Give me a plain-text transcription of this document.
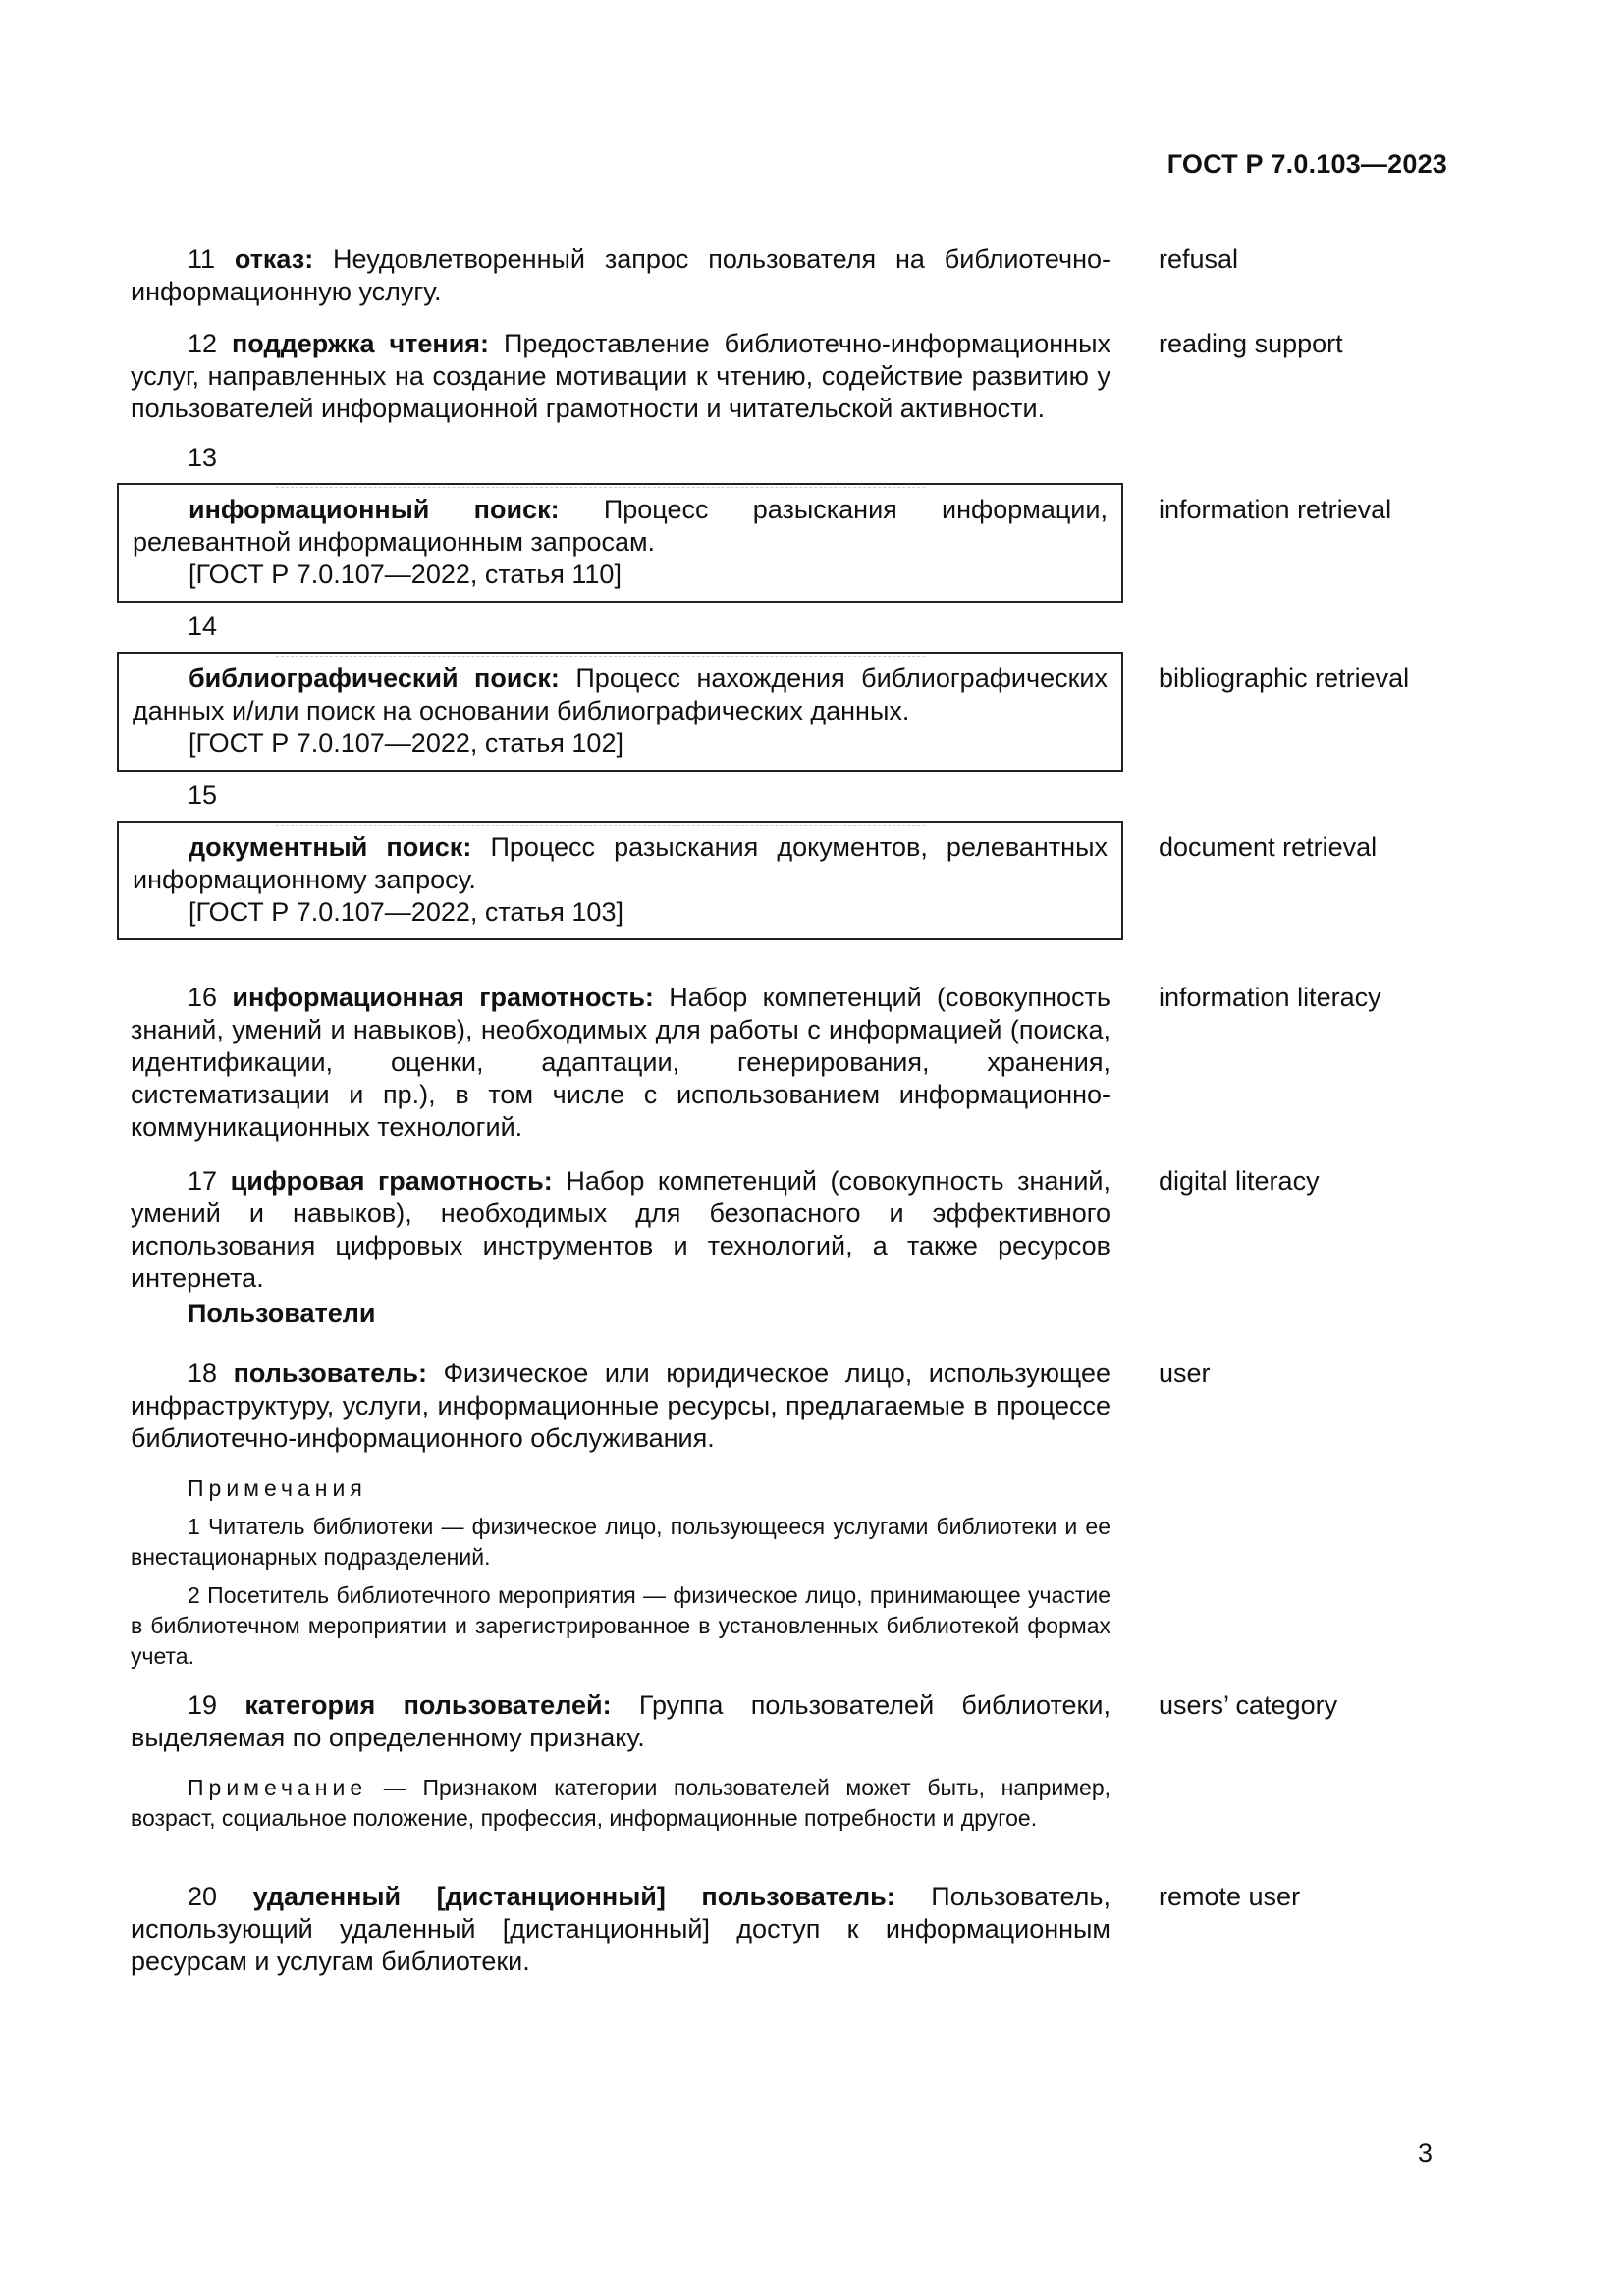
ГОСТ Р 7.0.103—2023
11 отказ: Неудовлетворенный запрос пользователя на библиотечно-информационную услугу.
refusal
12 поддержка чтения: Предоставление библиотечно-информационных услуг, направленных на создание мотивации к чтению, содействие развитию у пользователей информационной грамотности и читательской активности.
reading support
13
информационный поиск: Процесс разыскания информации, релевантной информационным запросам.
[ГОСТ Р 7.0.107—2022, статья 110]
information retrieval
14
библиографический поиск: Процесс нахождения библиографических данных и/или поиск на основании библиографических данных.
[ГОСТ Р 7.0.107—2022, статья 102]
bibliographic retrieval
15
документный поиск: Процесс разыскания документов, релевантных информационному запросу.
[ГОСТ Р 7.0.107—2022, статья 103]
document retrieval
16 информационная грамотность: Набор компетенций (совокупность знаний, умений и навыков), необходимых для работы с информацией (поиска, идентификации, оценки, адаптации, генерирования, хранения, систематизации и пр.), в том числе с использованием информационно-коммуникационных технологий.
information literacy
17 цифровая грамотность: Набор компетенций (совокупность знаний, умений и навыков), необходимых для безопасного и эффективного использования цифровых инструментов и технологий, а также ресурсов интернета.
digital literacy
Пользователи
18 пользователь: Физическое или юридическое лицо, использующее инфраструктуру, услуги, информационные ресурсы, предлагаемые в процессе библиотечно-информационного обслуживания.
user
Примечания
1 Читатель библиотеки — физическое лицо, пользующееся услугами библиотеки и ее внестационарных подразделений.
2 Посетитель библиотечного мероприятия — физическое лицо, принимающее участие в библиотечном мероприятии и зарегистрированное в установленных библиотекой формах учета.
19 категория пользователей: Группа пользователей библиотеки, выделяемая по определенному признаку.
users’ category
Примечание — Признаком категории пользователей может быть, например, возраст, социальное положение, профессия, информационные потребности и другое.
20 удаленный [дистанционный] пользователь: Пользователь, использующий удаленный [дистанционный] доступ к информационным ресурсам и услугам библиотеки.
remote user
3
